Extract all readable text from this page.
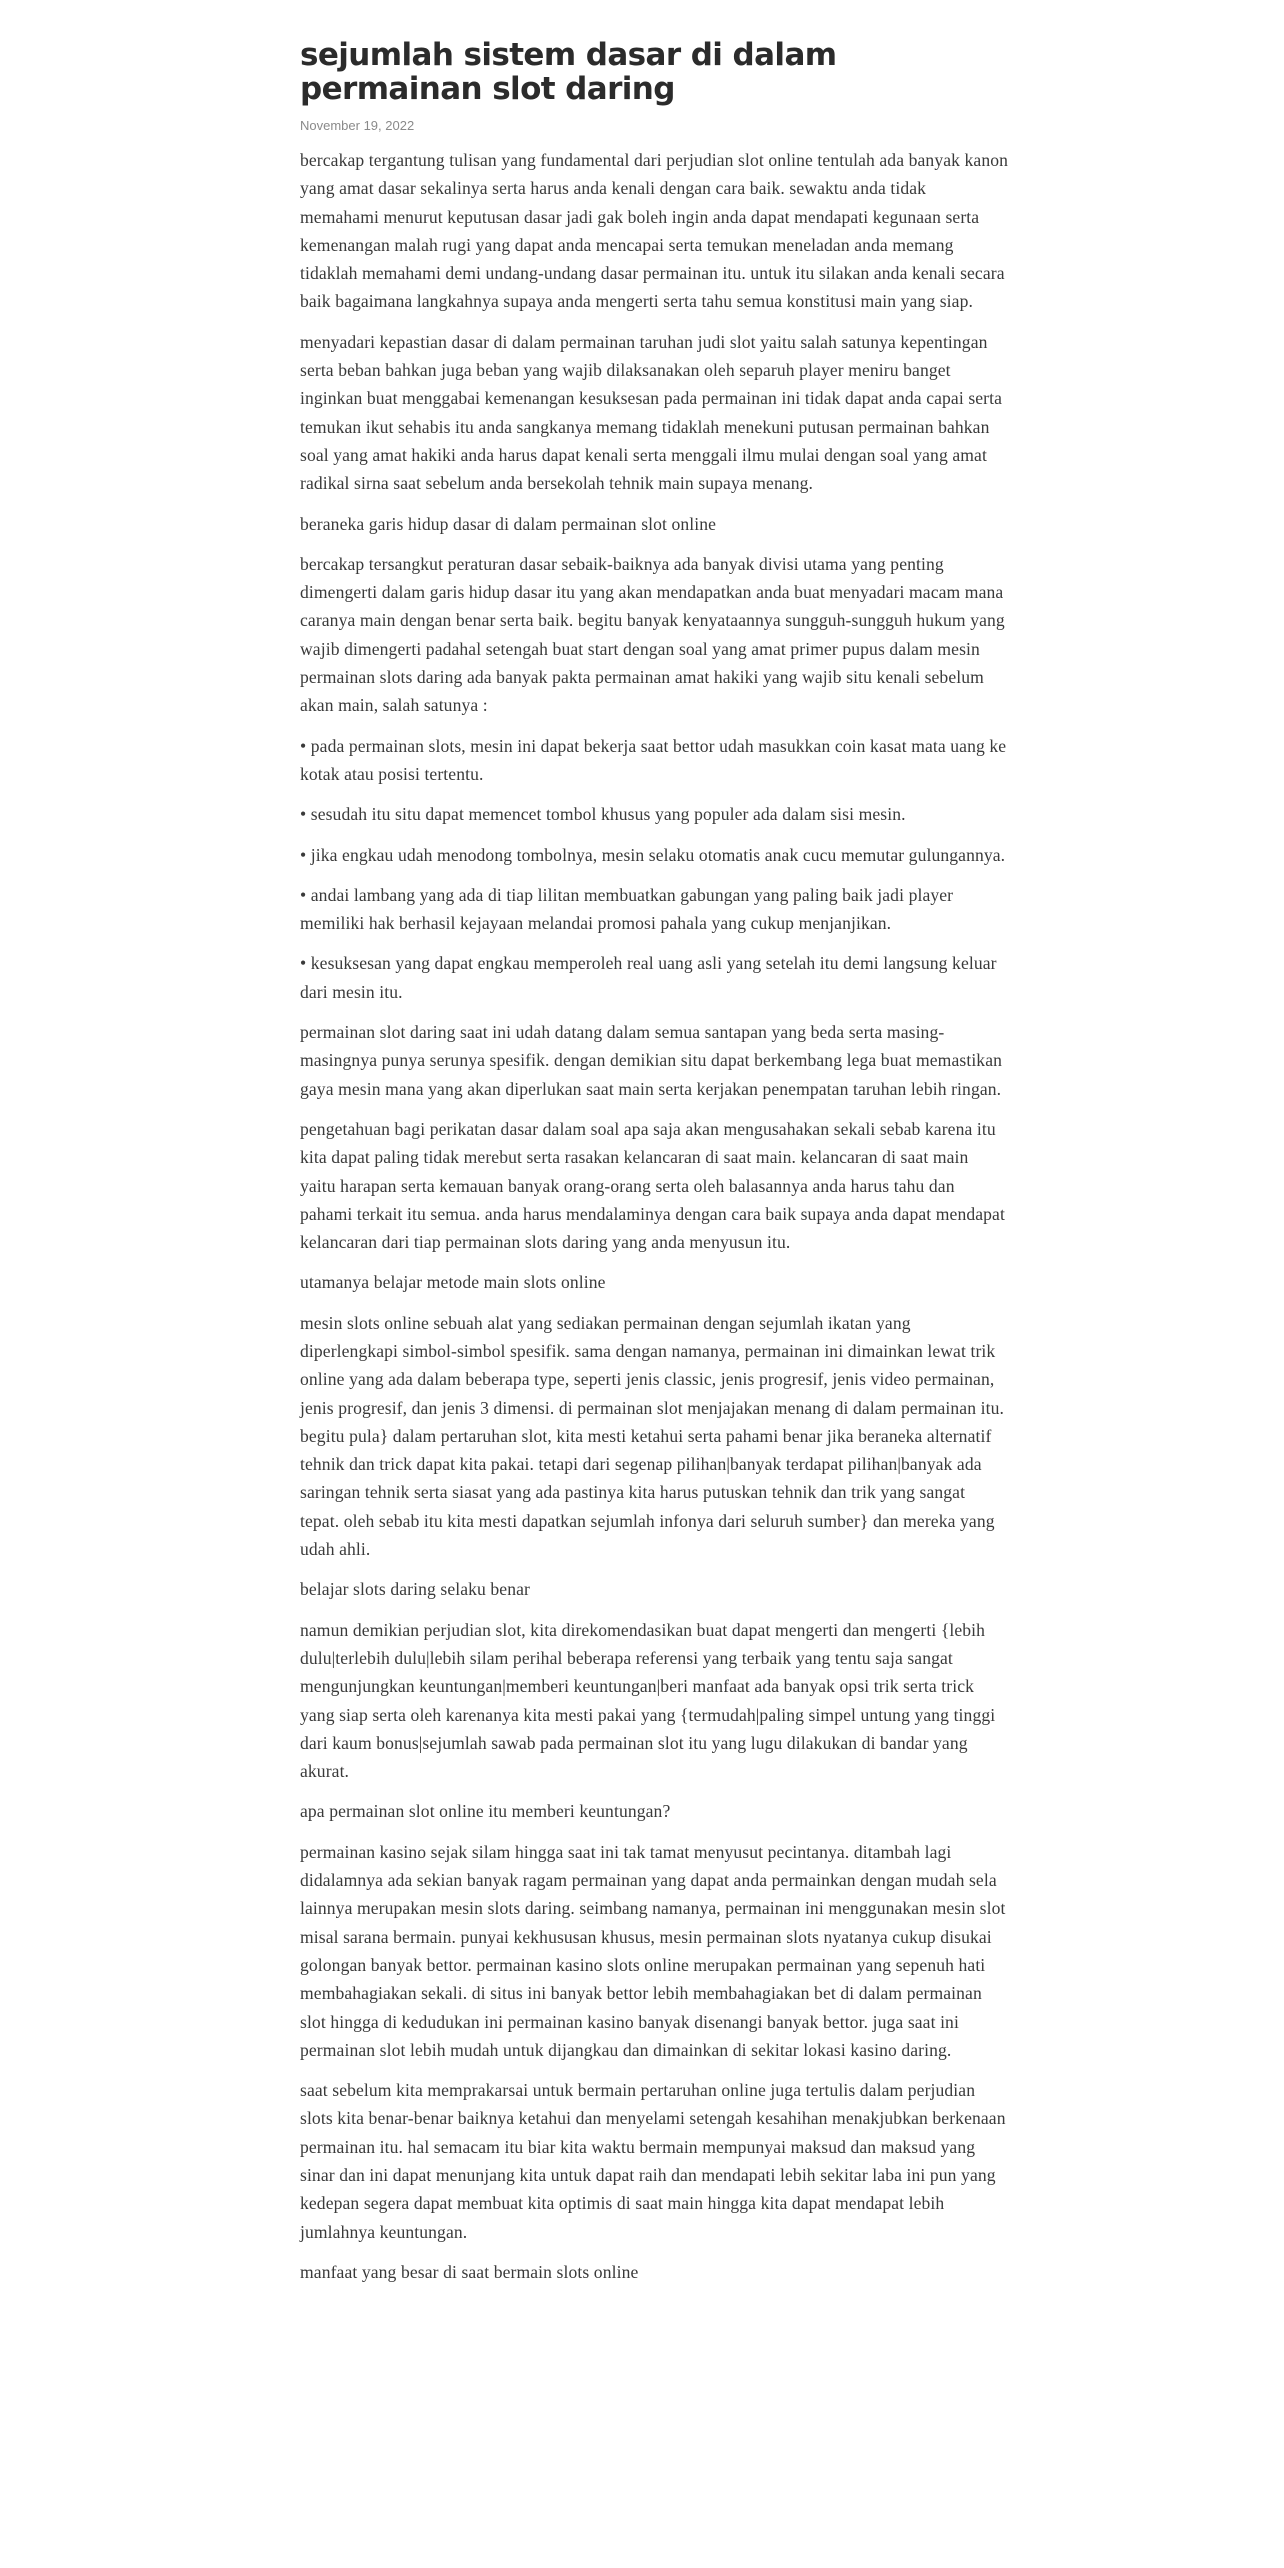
sejumlah sistem dasar di dalam permainan slot daring
November 19, 2022

bercakap tergantung tulisan yang fundamental dari perjudian slot online tentulah ada banyak kanon yang amat dasar sekalinya serta harus anda kenali dengan cara baik. sewaktu anda tidak memahami menurut keputusan dasar jadi gak boleh ingin anda dapat mendapati kegunaan serta kemenangan malah rugi yang dapat anda mencapai serta temukan meneladan anda memang tidaklah memahami demi undang-undang dasar permainan itu. untuk itu silakan anda kenali secara baik bagaimana langkahnya supaya anda mengerti serta tahu semua konstitusi main yang siap.

menyadari kepastian dasar di dalam permainan taruhan judi slot yaitu salah satunya kepentingan serta beban bahkan juga beban yang wajib dilaksanakan oleh separuh player meniru banget inginkan buat menggabai kemenangan kesuksesan pada permainan ini tidak dapat anda capai serta temukan ikut sehabis itu anda sangkanya memang tidaklah menekuni putusan permainan bahkan soal yang amat hakiki anda harus dapat kenali serta menggali ilmu mulai dengan soal yang amat radikal sirna saat sebelum anda bersekolah tehnik main supaya menang.

beraneka garis hidup dasar di dalam permainan slot online

bercakap tersangkut peraturan dasar sebaik-baiknya ada banyak divisi utama yang penting dimengerti dalam garis hidup dasar itu yang akan mendapatkan anda buat menyadari macam mana caranya main dengan benar serta baik. begitu banyak kenyataannya sungguh-sungguh hukum yang wajib dimengerti padahal setengah buat start dengan soal yang amat primer pupus dalam mesin permainan slots daring ada banyak pakta permainan amat hakiki yang wajib situ kenali sebelum akan main, salah satunya :

• pada permainan slots, mesin ini dapat bekerja saat bettor udah masukkan coin kasat mata uang ke kotak atau posisi tertentu.

• sesudah itu situ dapat memencet tombol khusus yang populer ada dalam sisi mesin.

• jika engkau udah menodong tombolnya, mesin selaku otomatis anak cucu memutar gulungannya.

• andai lambang yang ada di tiap lilitan membuatkan gabungan yang paling baik jadi player memiliki hak berhasil kejayaan melandai promosi pahala yang cukup menjanjikan.

• kesuksesan yang dapat engkau memperoleh real uang asli yang setelah itu demi langsung keluar dari mesin itu.

permainan slot daring saat ini udah datang dalam semua santapan yang beda serta masing-masingnya punya serunya spesifik. dengan demikian situ dapat berkembang lega buat memastikan gaya mesin mana yang akan diperlukan saat main serta kerjakan penempatan taruhan lebih ringan.

pengetahuan bagi perikatan dasar dalam soal apa saja akan mengusahakan sekali sebab karena itu kita dapat paling tidak merebut serta rasakan kelancaran di saat main. kelancaran di saat main yaitu harapan serta kemauan banyak orang-orang serta oleh balasannya anda harus tahu dan pahami terkait itu semua. anda harus mendalaminya dengan cara baik supaya anda dapat mendapat kelancaran dari tiap permainan slots daring yang anda menyusun itu.

utamanya belajar metode main slots online

mesin slots online sebuah alat yang sediakan permainan dengan sejumlah ikatan yang diperlengkapi simbol-simbol spesifik. sama dengan namanya, permainan ini dimainkan lewat trik online yang ada dalam beberapa type, seperti jenis classic, jenis progresif, jenis video permainan, jenis progresif, dan jenis 3 dimensi. di permainan slot menjajakan menang di dalam permainan itu. begitu pula} dalam pertaruhan slot, kita mesti ketahui serta pahami benar jika beraneka alternatif tehnik dan trick dapat kita pakai. tetapi dari segenap pilihan|banyak terdapat pilihan|banyak ada saringan tehnik serta siasat yang ada pastinya kita harus putuskan tehnik dan trik yang sangat tepat. oleh sebab itu kita mesti dapatkan sejumlah infonya dari seluruh sumber} dan mereka yang udah ahli.

belajar slots daring selaku benar

namun demikian perjudian slot, kita direkomendasikan buat dapat mengerti dan mengerti {lebih dulu|terlebih dulu|lebih silam perihal beberapa referensi yang terbaik yang tentu saja sangat mengunjungkan keuntungan|memberi keuntungan|beri manfaat ada banyak opsi trik serta trick yang siap serta oleh karenanya kita mesti pakai yang {termudah|paling simpel untung yang tinggi dari kaum bonus|sejumlah sawab pada permainan slot itu yang lugu dilakukan di bandar yang akurat.

apa permainan slot online itu memberi keuntungan?

permainan kasino sejak silam hingga saat ini tak tamat menyusut pecintanya. ditambah lagi didalamnya ada sekian banyak ragam permainan yang dapat anda permainkan dengan mudah sela lainnya merupakan mesin slots daring. seimbang namanya, permainan ini menggunakan mesin slot misal sarana bermain. punyai kekhususan khusus, mesin permainan slots nyatanya cukup disukai golongan banyak bettor. permainan kasino slots online merupakan permainan yang sepenuh hati membahagiakan sekali. di situs ini banyak bettor lebih membahagiakan bet di dalam permainan slot hingga di kedudukan ini permainan kasino banyak disenangi banyak bettor. juga saat ini permainan slot lebih mudah untuk dijangkau dan dimainkan di sekitar lokasi kasino daring.

saat sebelum kita memprakarsai untuk bermain pertaruhan online juga tertulis dalam perjudian slots kita benar-benar baiknya ketahui dan menyelami setengah kesahihan menakjubkan berkenaan permainan itu. hal semacam itu biar kita waktu bermain mempunyai maksud dan maksud yang sinar dan ini dapat menunjang kita untuk dapat raih dan mendapati lebih sekitar laba ini pun yang kedepan segera dapat membuat kita optimis di saat main hingga kita dapat mendapat lebih jumlahnya keuntungan.

manfaat yang besar di saat bermain slots online
